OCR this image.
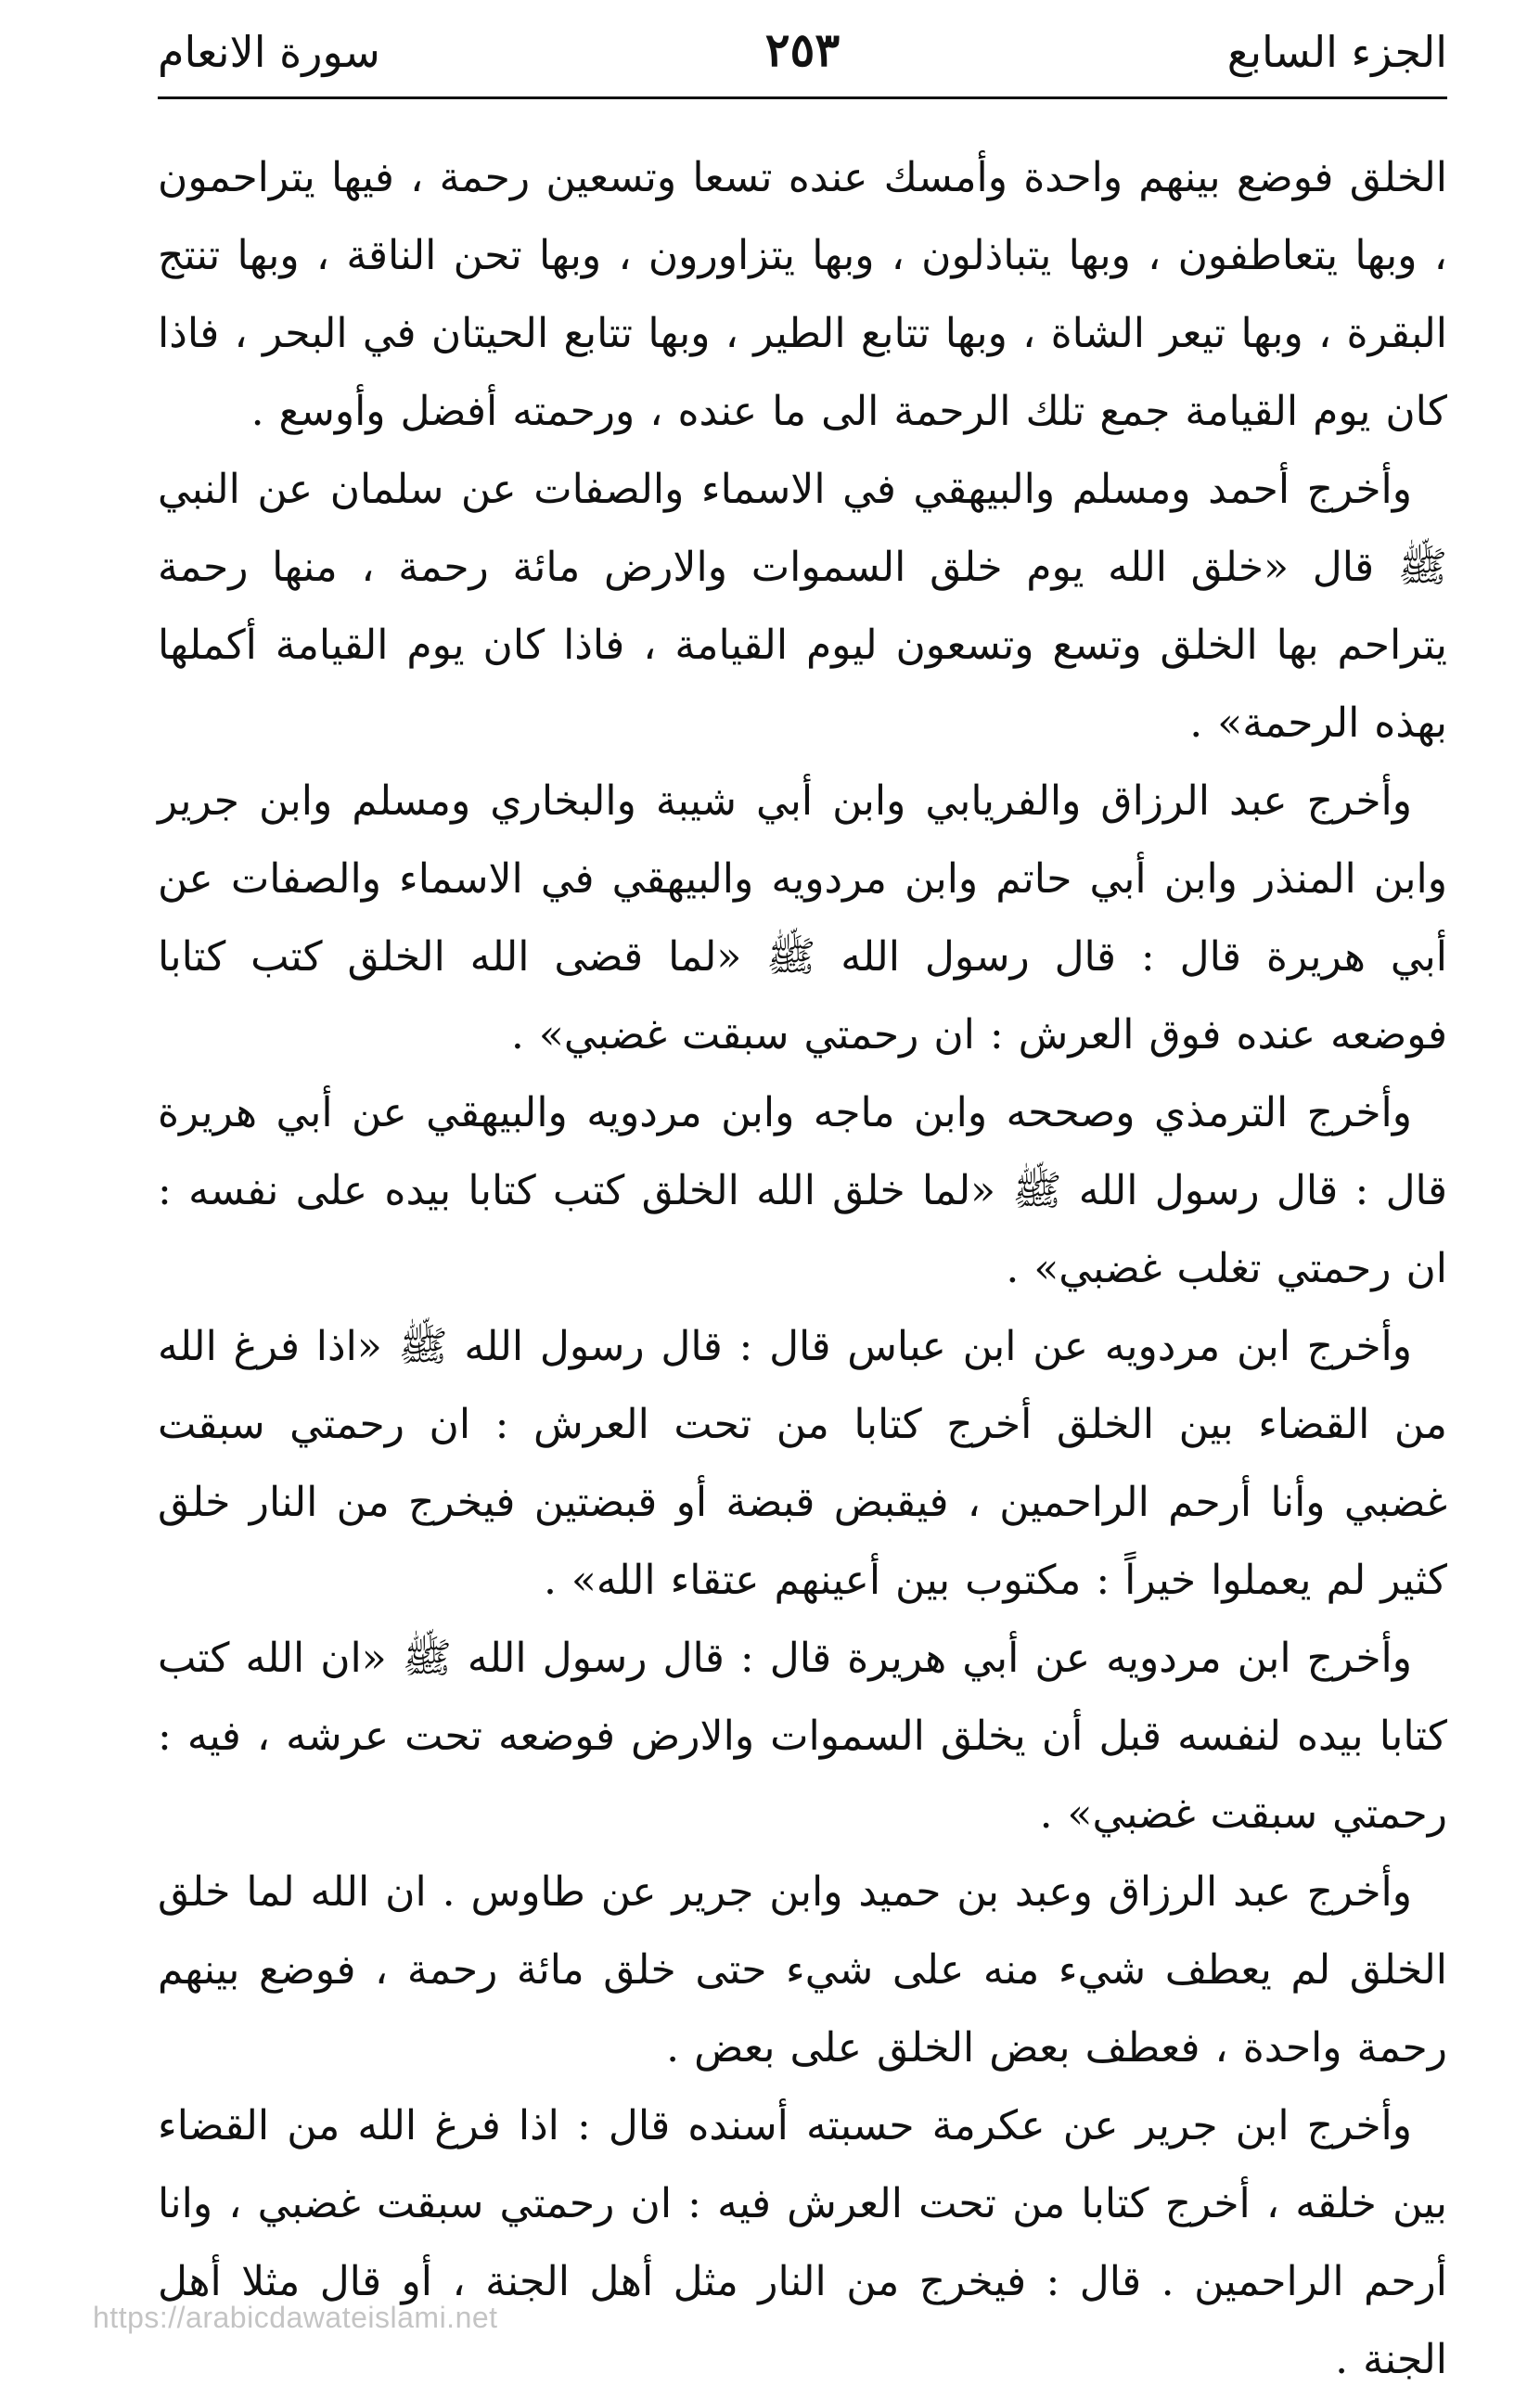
الجزء السابع
٢٥٣
سورة الانعام

الخلق فوضع بينهم واحدة وأمسك عنده تسعا وتسعين رحمة ، فيها يتراحمون ، وبها يتعاطفون ، وبها يتباذلون ، وبها يتزاورون ، وبها تحن الناقة ، وبها تنتج البقرة ، وبها تيعر الشاة ، وبها تتابع الطير ، وبها تتابع الحيتان في البحر ، فاذا كان يوم القيامة جمع تلك الرحمة الى ما عنده ، ورحمته أفضل وأوسع .

وأخرج أحمد ومسلم والبيهقي في الاسماء والصفات عن سلمان عن النبي ﷺ قال «خلق الله يوم خلق السموات والارض مائة رحمة ، منها رحمة يتراحم بها الخلق وتسع وتسعون ليوم القيامة ، فاذا كان يوم القيامة أكملها بهذه الرحمة» .

وأخرج عبد الرزاق والفريابي وابن أبي شيبة والبخاري ومسلم وابن جرير وابن المنذر وابن أبي حاتم وابن مردويه والبيهقي في الاسماء والصفات عن أبي هريرة قال : قال رسول الله ﷺ «لما قضى الله الخلق كتب كتابا فوضعه عنده فوق العرش : ان رحمتي سبقت غضبي» .

وأخرج الترمذي وصححه وابن ماجه وابن مردويه والبيهقي عن أبي هريرة قال : قال رسول الله ﷺ «لما خلق الله الخلق كتب كتابا بيده على نفسه : ان رحمتي تغلب غضبي» .

وأخرج ابن مردويه عن ابن عباس قال : قال رسول الله ﷺ «اذا فرغ الله من القضاء بين الخلق أخرج كتابا من تحت العرش : ان رحمتي سبقت غضبي وأنا أرحم الراحمين ، فيقبض قبضة أو قبضتين فيخرج من النار خلق كثير لم يعملوا خيراً : مكتوب بين أعينهم عتقاء الله» .

وأخرج ابن مردويه عن أبي هريرة قال : قال رسول الله ﷺ «ان الله كتب كتابا بيده لنفسه قبل أن يخلق السموات والارض فوضعه تحت عرشه ، فيه : رحمتي سبقت غضبي» .

وأخرج عبد الرزاق وعبد بن حميد وابن جرير عن طاوس . ان الله لما خلق الخلق لم يعطف شيء منه على شيء حتى خلق مائة رحمة ، فوضع بينهم رحمة واحدة ، فعطف بعض الخلق على بعض .

وأخرج ابن جرير عن عكرمة حسبته أسنده قال : اذا فرغ الله من القضاء بين خلقه ، أخرج كتابا من تحت العرش فيه : ان رحمتي سبقت غضبي ، وانا أرحم الراحمين . قال : فيخرج من النار مثل أهل الجنة ، أو قال مثلا أهل الجنة .

https://arabicdawateislami.net
